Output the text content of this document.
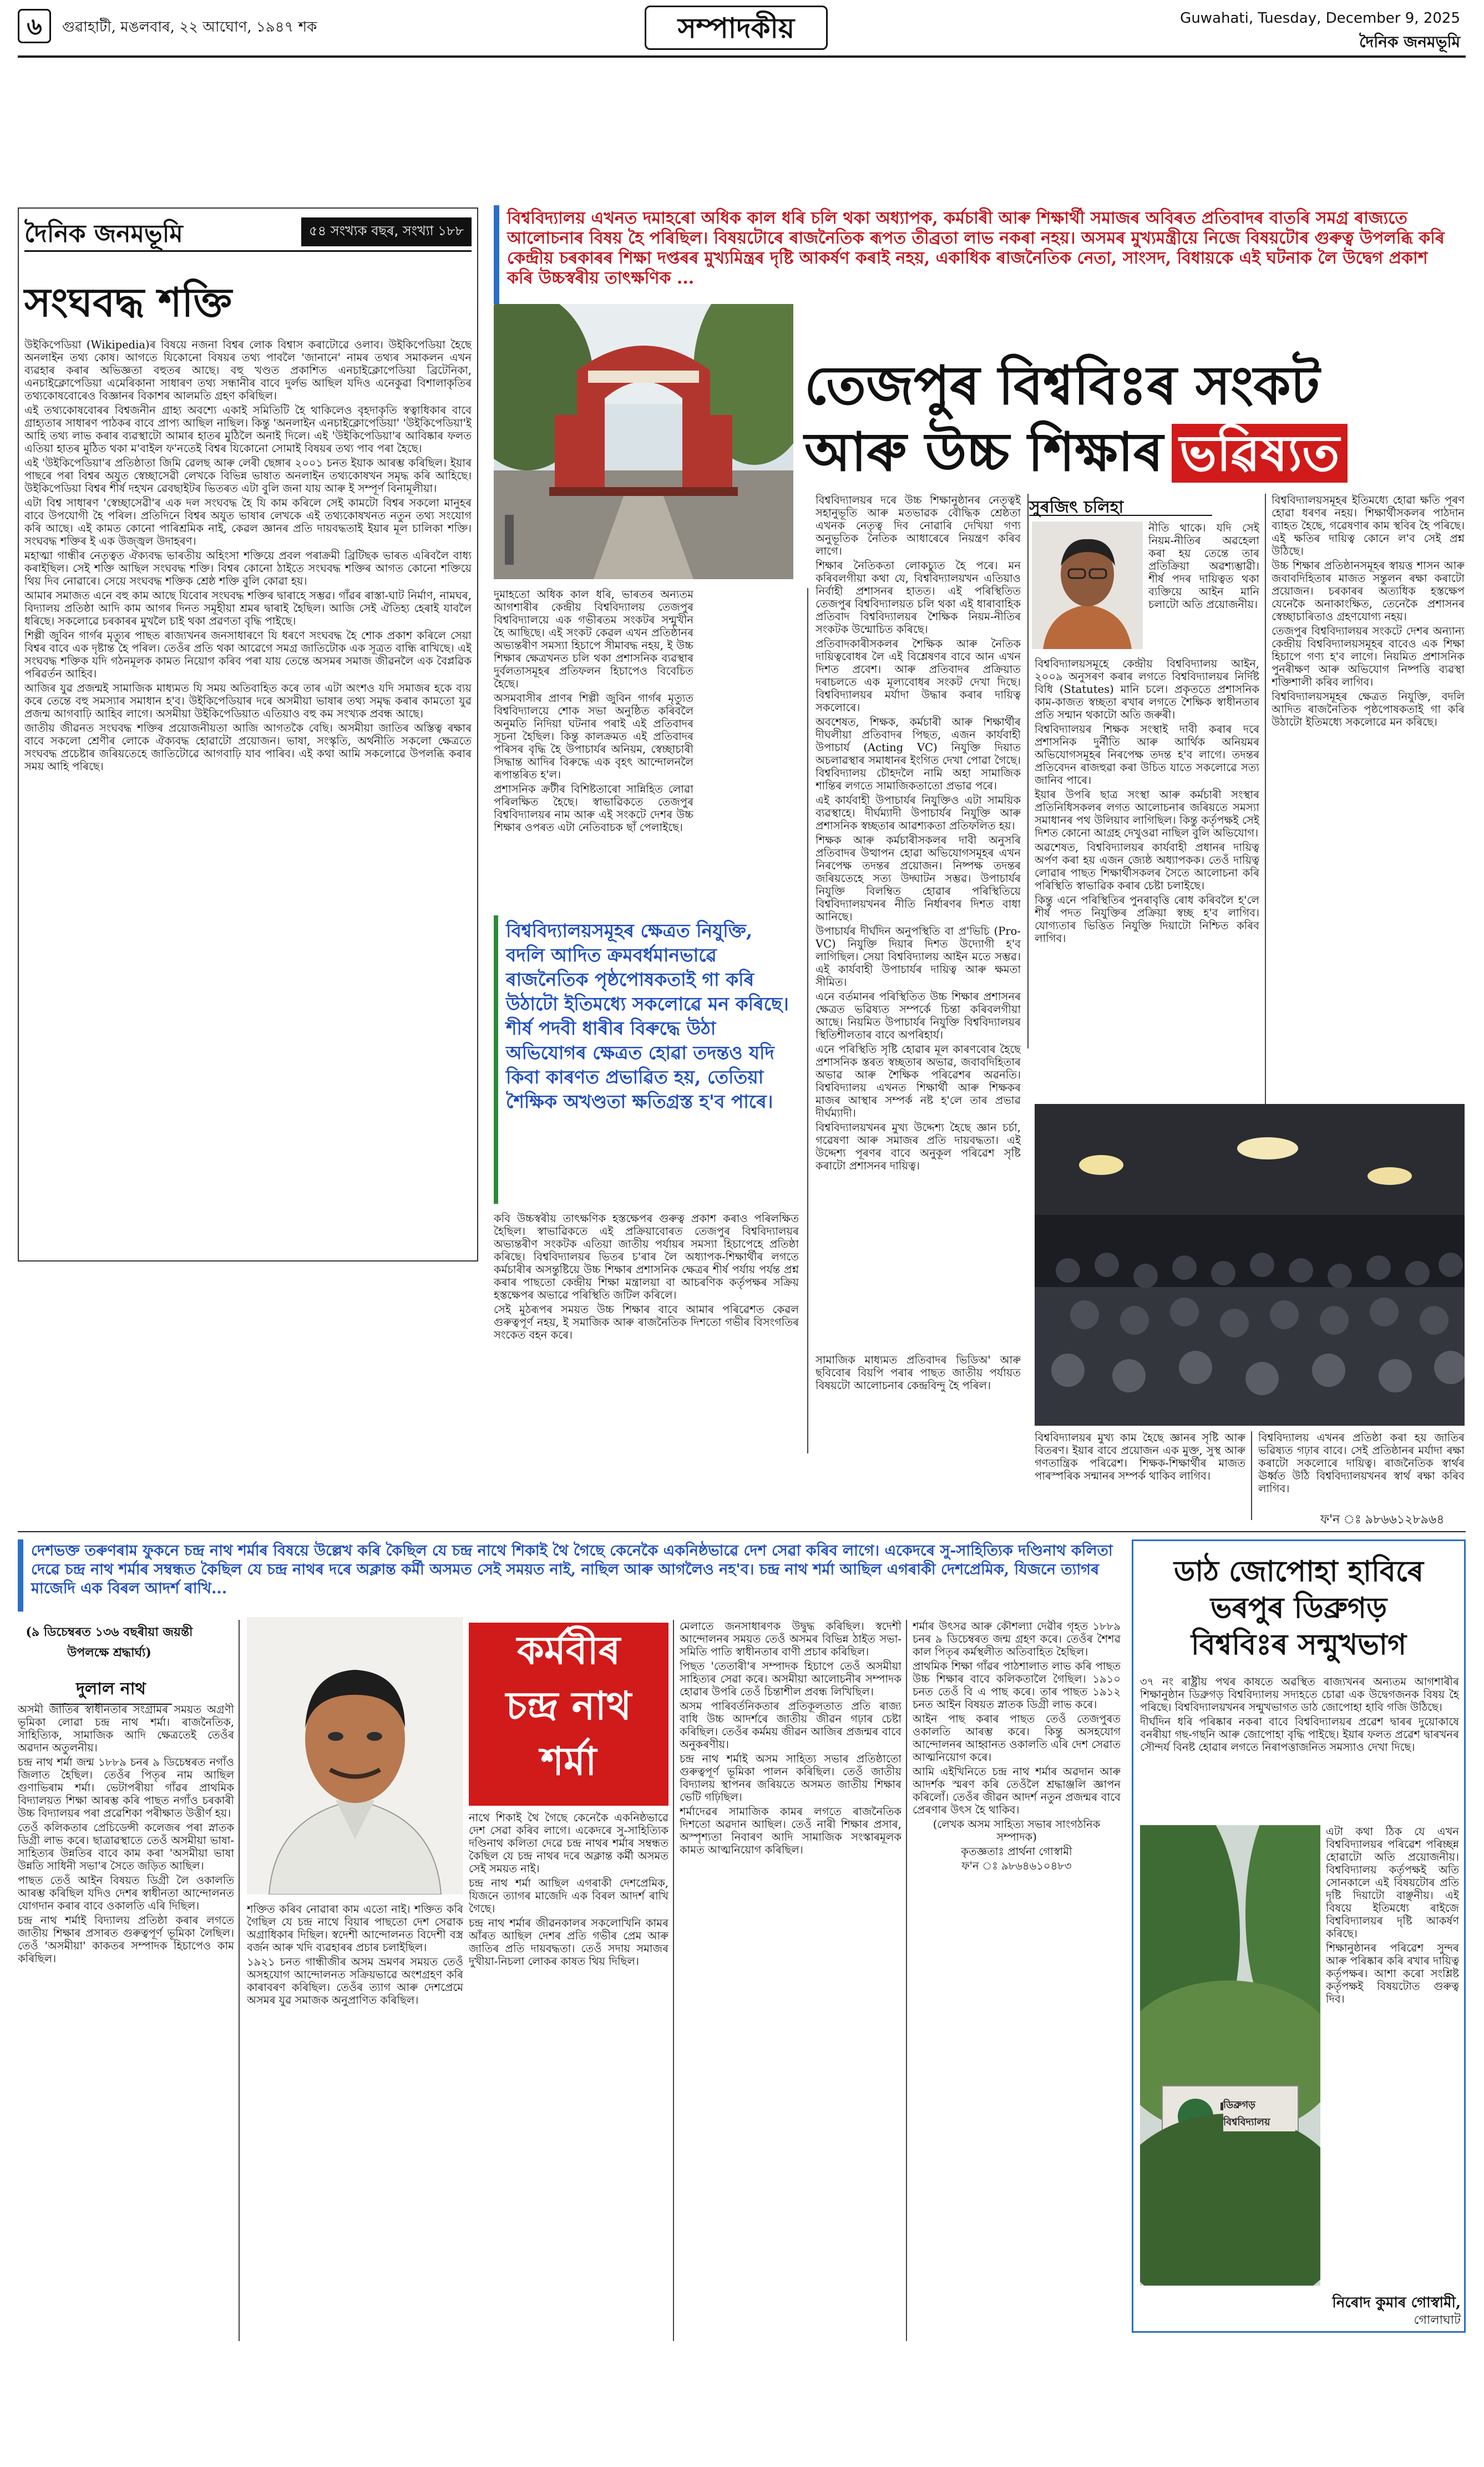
৬	গুৱাহাটী, মঙলবাৰ, ২২ আঘোণ, ১৯৪৭ শক	সম্পাদকীয়	Guwahati, Tuesday, December 9, 2025
দৈনিক জনমভূমি
দৈনিক জনমভূমি	৫৪ সংখ্যক বছৰ, সংখ্যা ১৮৮
সংঘবদ্ধ শক্তি

উইকিপেডিয়া (Wikipedia)ৰ বিষয়ে নজনা বিশ্বৰ লোক বিশ্বাস কৰাটোৱে ওলাব। উইকিপেডিয়া হৈছে অনলাইন তথ্য কোষ। আগতে যিকোনো বিষয়ৰ তথ্য পাবলৈ 'জানানে' নামৰ তথ্যৰ সমাকলন এখন ব্যৱহাৰ কৰাৰ অভিজ্ঞতা বহুতৰ আছে। বহু খণ্ডত প্ৰকাশিত এনচাইক্লোপেডিয়া ব্ৰিটেনিকা, এনচাইক্লোপেডিয়া এমেৰিকানা সাধাৰণ তথ্য সন্ধানীৰ বাবে দুৰ্লভ আছিল যদিও এনেকুৱা বিশালাকৃতিৰ তথ্যকোষবোৰেও বিজ্ঞানৰ বিকাশৰ আলমতি গ্ৰহণ কৰিছিল।

এই তথ্যকোষবোৰৰ বিশ্বজনীন গ্ৰাহ্য অবশ্যে একাই সমিতিটি হৈ থাকিলেও বৃহদাকৃতি স্বত্বাধিকাৰ বাবে গ্ৰাহ্যতাৰ সাধাৰণ পাঠকৰ বাবে প্ৰাপ্য আছিল নাছিল। কিন্তু 'অনলাইন এনচাইক্লোপেডিয়া' 'উইকিপেডিয়া'ই আহি তথ্য লাভ কৰাৰ ব্যৱস্থাটো আমাৰ হাতৰ মুঠিলৈ অনাই দিলে। এই 'উইকিপেডিয়া'ৰ আবিষ্কাৰ ফলত এতিয়া হাতৰ মুঠিত থকা ম'বাইল ফ'নতেই বিশ্বৰ যিকোনো সোমাই বিষয়ৰ তথ্য পাব পৰা হৈছে।

এই 'উইকিপেডিয়া'ৰ প্ৰতিষ্ঠাতা জিমি ৱেলছ আৰু লেৰী ছেঙ্গাৰ ২০০১ চনত ইয়াক আৰম্ভ কৰিছিল। ইয়াৰ পাছৰে পৰা বিশ্বৰ অযুত স্বেচ্ছাসেৱী লেখকে বিভিন্ন ভাষাত অনলাইন তথ্যকোষখন সমৃদ্ধ কৰি আহিছে। উইকিপেডিয়া বিশ্বৰ শীৰ্ষ দহখন ৱেবছাইটৰ ভিতৰত এটা বুলি জনা যায় আৰু ই সম্পূৰ্ণ বিনামূলীয়া।

এটা বিশ্ব সাধাৰণ 'স্বেচ্ছাসেৱী'ৰ এক দল সংঘবদ্ধ হৈ যি কাম কৰিলে সেই কামটো বিশ্বৰ সকলো মানুহৰ বাবে উপযোগী হৈ পৰিল। প্ৰতিদিনে বিশ্বৰ অযুত ভাষাৰ লেখকে এই তথ্যকোষখনত নতুন তথ্য সংযোগ কৰি আছে। এই কামত কোনো পাৰিশ্ৰমিক নাই, কেৱল জ্ঞানৰ প্ৰতি দায়বদ্ধতাই ইয়াৰ মূল চালিকা শক্তি। সংঘবদ্ধ শক্তিৰ ই এক উজ্জ্বল উদাহৰণ।

মহাত্মা গান্ধীৰ নেতৃত্বত ঐক্যবদ্ধ ভাৰতীয় অহিংসা শক্তিয়ে প্ৰবল পৰাক্ৰমী ব্ৰিটিছক ভাৰত এৰিবলৈ বাধ্য কৰাইছিল। সেই শক্তি আছিল সংঘবদ্ধ শক্তি। বিশ্বৰ কোনো ঠাইতে সংঘবদ্ধ শক্তিৰ আগত কোনো শক্তিয়ে থিয় দিব নোৱাৰে। সেয়ে সংঘবদ্ধ শক্তিক শ্ৰেষ্ঠ শক্তি বুলি কোৱা হয়।

আমাৰ সমাজত এনে বহু কাম আছে যিবোৰ সংঘবদ্ধ শক্তিৰ দ্বাৰাহে সম্ভৱ। গাঁৱৰ ৰাস্তা-ঘাট নিৰ্মাণ, নামঘৰ, বিদ্যালয় প্ৰতিষ্ঠা আদি কাম আগৰ দিনত সমূহীয়া শ্ৰমৰ দ্বাৰাই হৈছিল। আজি সেই ঐতিহ্য হেৰাই যাবলৈ ধৰিছে। সকলোৱে চৰকাৰৰ মুখলৈ চাই থকা প্ৰৱণতা বৃদ্ধি পাইছে।

শিল্পী জুবিন গাৰ্গৰ মৃত্যুৰ পাছত ৰাজ্যখনৰ জনসাধাৰণে যি ধৰণে সংঘবদ্ধ হৈ শোক প্ৰকাশ কৰিলে সেয়া বিশ্বৰ বাবে এক দৃষ্টান্ত হৈ পৰিল। তেওঁৰ প্ৰতি থকা আৱেগে সমগ্ৰ জাতিটোক এক সূত্ৰত বান্ধি ৰাখিছে। এই সংঘবদ্ধ শক্তিক যদি গঠনমূলক কামত নিয়োগ কৰিব পৰা যায় তেন্তে অসমৰ সমাজ জীৱনলৈ এক বৈপ্লৱিক পৰিৱৰ্তন আহিব।

আজিৰ যুৱ প্ৰজন্মই সামাজিক মাধ্যমত যি সময় অতিবাহিত কৰে তাৰ এটা অংশও যদি সমাজৰ হকে ব্যয় কৰে তেন্তে বহু সমস্যাৰ সমাধান হ'ব। উইকিপেডিয়াৰ দৰে অসমীয়া ভাষাৰ তথ্য সমৃদ্ধ কৰাৰ কামতো যুৱ প্ৰজন্ম আগবাঢ়ি আহিব লাগে। অসমীয়া উইকিপেডিয়াত এতিয়াও বহু কম সংখ্যক প্ৰবন্ধ আছে।

জাতীয় জীৱনত সংঘবদ্ধ শক্তিৰ প্ৰয়োজনীয়তা আজি আগতকৈ বেছি। অসমীয়া জাতিৰ অস্তিত্ব ৰক্ষাৰ বাবে সকলো শ্ৰেণীৰ লোকে ঐক্যবদ্ধ হোৱাটো প্ৰয়োজন। ভাষা, সংস্কৃতি, অৰ্থনীতি সকলো ক্ষেত্ৰতে সংঘবদ্ধ প্ৰচেষ্টাৰ জৰিয়তেহে জাতিটোৱে আগবাঢ়ি যাব পাৰিব। এই কথা আমি সকলোৱে উপলব্ধি কৰাৰ সময় আহি পৰিছে।

বিশ্ববিদ্যালয় এখনত দমাহৰো অধিক কাল ধৰি চলি থকা অধ্যাপক, কৰ্মচাৰী আৰু শিক্ষাৰ্থী সমাজৰ অবিৰত প্ৰতিবাদৰ বাতৰি সমগ্ৰ ৰাজ্যতে আলোচনাৰ বিষয় হৈ পৰিছিল। বিষয়টোৰে ৰাজনৈতিক ৰূপত তীব্ৰতা লাভ নকৰা নহয়। অসমৰ মুখ্যমন্ত্ৰীয়ে নিজে বিষয়টোৰ গুৰুত্ব উপলব্ধি কৰি কেন্দ্ৰীয় চৰকাৰৰ শিক্ষা দপ্তৰৰ মুখ্যমিন্ত্ৰৰ দৃষ্টি আকৰ্ষণ কৰাই নহয়, একাধিক ৰাজনৈতিক নেতা, সাংসদ, বিধায়কে এই ঘটনাক লৈ উদ্বেগ প্ৰকাশ কৰি উচ্চস্বৰীয় তাৎক্ষণিক ...
তেজপুৰ বিশ্ববিঃৰ সংকট
আৰু উচ্চ শিক্ষাৰ ভৱিষ্যত
সুৰজিৎ চলিহা

দুমাহতো অধিক কাল ধৰি, ভাৰতৰ অন্যতম আগশাৰীৰ কেন্দ্ৰীয় বিশ্ববিদ্যালয় তেজপুৰ বিশ্ববিদ্যালয়ে এক গভীৰতম সংকটৰ সন্মুখীন হৈ আছিছে। এই সংকট কেৱল এখন প্ৰতিষ্ঠানৰ অভ্যন্তৰীণ সমস্যা হিচাপে সীমাবদ্ধ নহয়, ই উচ্চ শিক্ষাৰ ক্ষেত্ৰখনত চলি থকা প্ৰশাসনিক ব্যৱস্থাৰ দুৰ্বলতাসমূহৰ প্ৰতিফলন হিচাপেও বিবেচিত হৈছে।

অসমবাসীৰ প্ৰাণৰ শিল্পী জুবিন গাৰ্গৰ মৃত্যুত বিশ্ববিদ্যালয়ে শোক সভা অনুষ্ঠিত কৰিবলৈ অনুমতি নিদিয়া ঘটনাৰ পৰাই এই প্ৰতিবাদৰ সূচনা হৈছিল। কিন্তু কালক্ৰমত এই প্ৰতিবাদৰ পৰিসৰ বৃদ্ধি হৈ উপাচাৰ্যৰ অনিয়ম, স্বেচ্ছাচাৰী সিদ্ধান্ত আদিৰ বিৰুদ্ধে এক বৃহৎ আন্দোলনলৈ ৰূপান্তৰিত হ'ল।

প্ৰশাসনিক ক্ৰটীৰ বিশিষ্টতাৰো সান্নিহিত লোৱা পৰিলক্ষিত হৈছে। স্বাভাৱিকতে তেজপুৰ বিশ্ববিদ্যালয়ৰ নাম আৰু এই সংকটে দেশৰ উচ্চ শিক্ষাৰ ওপৰত এটা নেতিবাচক ছাঁ পেলাইছে।

বিশ্ববিদ্যালয়সমূহৰ ক্ষেত্ৰত নিযুক্তি, বদলি আদিত ক্ৰমবৰ্ধমানভাৱে ৰাজনৈতিক পৃষ্ঠপোষকতাই গা কৰি উঠাটো ইতিমধ্যে সকলোৱে মন কৰিছে। শীৰ্ষ পদবী ধাৰীৰ বিৰুদ্ধে উঠা অভিযোগৰ ক্ষেত্ৰত হোৱা তদন্তও যদি কিবা কাৰণত প্ৰভাৱিত হয়, তেতিয়া শৈক্ষিক অখণ্ডতা ক্ষতিগ্ৰস্ত হ'ব পাৰে।

কবি উচ্চস্বৰীয় তাৎক্ষণিক হস্তক্ষেপৰ গুৰুত্ব প্ৰকাশ কৰাও পৰিলক্ষিত হৈছিল। স্বাভাৱিকতে এই প্ৰক্ৰিয়াবোৰত তেজপুৰ বিশ্ববিদ্যালয়ৰ অভ্যন্তৰীণ সংকটক এতিয়া জাতীয় পৰ্যায়ৰ সমস্যা হিচাপেহে প্ৰতিষ্ঠা কৰিছে। বিশ্ববিদ্যালয়ৰ ভিতৰ চ'ৰাৰ লৈ অধ্যাপক-শিক্ষাৰ্থীৰ লগতে কৰ্মচাৰীৰ অসন্তুষ্টিয়ে উচ্চ শিক্ষাৰ প্ৰশাসনিক ক্ষেত্ৰৰ শীৰ্ষ পৰ্যায় পৰ্যন্ত প্ৰশ্ন কৰাৰ পাছতো কেন্দ্ৰীয় শিক্ষা মন্ত্ৰালয়া বা আচৰণিক কৰ্তৃপক্ষৰ সক্ৰিয় হস্তক্ষেপৰ অভাৱে পৰিস্থিতি জটিল কৰিলে।

সেই মুঠৰূপৰ সময়ত উচ্চ শিক্ষাৰ বাবে আমাৰ পৰিৱেশত কেৱল গুৰুত্বপূৰ্ণ নহয়, ই সমাজিক আৰু ৰাজনৈতিক দিশতো গভীৰ বিসংগতিৰ সংকেত বহন কৰে।

বিশ্ববিদ্যালয়ৰ দৰে উচ্চ শিক্ষানুষ্ঠানৰ নেতৃত্বই সহানুভূতি আৰু মতভাৱক বৌদ্ধিক শ্ৰেষ্ঠতা এখনক নেতৃত্ব দিব নোৱাৰি দেখিয়া গণ্য অনুভূতিক নৈতিক আধাৰেৰে নিয়ন্ত্ৰণ কৰিব লাগে।

শিক্ষাৰ নৈতিকতা লোকচ্যুত হৈ পৰে। মন কৰিবলগীয়া কথা যে, বিশ্ববিদ্যালয়খন এতিয়াও নিৰ্বাহী প্ৰশাসনৰ হাতত। এই পৰিস্থিতিত তেজপুৰ বিশ্ববিদ্যালয়ত চলি থকা এই ধাৰাবাহিক প্ৰতিবাদ বিশ্ববিদ্যালয়ৰ শৈক্ষিক নিয়ম-নীতিৰ সংকটক উন্মোচিত কৰিছে।

প্ৰতিবাদকাৰীসকলৰ শৈক্ষিক আৰু নৈতিক দায়িত্ববোধৰ লৈ এই বিশ্লেষণৰ বাবে আন এখন দিশত প্ৰবেশ। আৰু প্ৰতিবাদৰ প্ৰক্ৰিয়াত দৰাচলতে এক মূল্যবোধৰ সংকট দেখা দিছে। বিশ্ববিদ্যালয়ৰ মৰ্যাদা উদ্ধাৰ কৰাৰ দায়িত্ব সকলোৰে।

অবশেষত, শিক্ষক, কৰ্মচাৰী আৰু শিক্ষাৰ্থীৰ দীঘলীয়া প্ৰতিবাদৰ পিছত, এজন কাৰ্যবাহী উপাচাৰ্য (Acting VC) নিযুক্তি দিয়াত অচলাৱস্থাৰ সমাধানৰ ইংগিত দেখা পোৱা গৈছে। বিশ্ববিদ্যালয় চৌহদলৈ নামি অহা সামাজিক শান্তিৰ লগতে সামাজিকতাতো প্ৰভাৱ পৰে।

এই কাৰ্যবাহী উপাচাৰ্যৰ নিযুক্তিও এটা সাময়িক ব্যৱস্থাহে। দীৰ্ঘম্যাদী উপাচাৰ্যৰ নিযুক্তি আৰু প্ৰশাসনিক স্বচ্ছতাৰ আৱশ্যকতা প্ৰতিফলিত হয়।

শিক্ষক আৰু কৰ্মচাৰীসকলৰ দাবী অনুসৰি প্ৰতিবাদৰ উত্থাপন হোৱা অভিযোগসমূহৰ এখন নিৰপেক্ষ তদন্তৰ প্ৰয়োজন। নিষ্পক্ষ তদন্তৰ জৰিয়তেহে সত্য উদ্ঘাটন সম্ভৱ। উপাচাৰ্যৰ নিযুক্তি বিলম্বিত হোৱাৰ পৰিস্থিতিয়ে বিশ্ববিদ্যালয়খনৰ নীতি নিৰ্ধাৰণৰ দিশত বাধা আনিছে।

উপাচাৰ্যৰ দীৰ্ঘদিন অনুপস্থিতি বা প্ৰ'ভিচি (Pro-VC) নিযুক্তি দিয়াৰ দিশত উদ্যোগী হ'ব লাগিছিল। সেয়া বিশ্ববিদ্যালয় আইন মতে সম্ভৱ। এই কাৰ্যবাহী উপাচাৰ্যৰ দায়িত্ব আৰু ক্ষমতা সীমিত।

এনে বৰ্তমানৰ পৰিস্থিতিত উচ্চ শিক্ষাৰ প্ৰশাসনৰ ক্ষেত্ৰত ভৱিষ্যত সম্পৰ্কে চিন্তা কৰিবলগীয়া আছে। নিয়মিত উপাচাৰ্যৰ নিযুক্তি বিশ্ববিদ্যালয়ৰ স্থিতিশীলতাৰ বাবে অপৰিহাৰ্য।

এনে পৰিস্থিতি সৃষ্টি হোৱাৰ মূল কাৰণবোৰ হৈছে প্ৰশাসনিক স্তৰত স্বচ্ছতাৰ অভাৱ, জবাবদিহিতাৰ অভাৱ আৰু শৈক্ষিক পৰিৱেশৰ অৱনতি। বিশ্ববিদ্যালয় এখনত শিক্ষাৰ্থী আৰু শিক্ষকৰ মাজৰ আস্থাৰ সম্পৰ্ক নষ্ট হ'লে তাৰ প্ৰভাৱ দীৰ্ঘম্যাদী।

বিশ্ববিদ্যালয়খনৰ মুখ্য উদ্দেশ্য হৈছে জ্ঞান চৰ্চা, গৱেষণা আৰু সমাজৰ প্ৰতি দায়বদ্ধতা। এই উদ্দেশ্য পূৰণৰ বাবে অনুকূল পৰিৱেশ সৃষ্টি কৰাটো প্ৰশাসনৰ দায়িত্ব।

সামাজিক মাধ্যমত প্ৰতিবাদৰ ভিডিঅ' আৰু ছবিবোৰ বিয়পি পৰাৰ পাছত জাতীয় পৰ্যায়ত বিষয়টো আলোচনাৰ কেন্দ্ৰবিন্দু হৈ পৰিল।

নীতি থাকে। যদি সেই নিয়ম-নীতিৰ অৱহেলা কৰা হয় তেন্তে তাৰ প্ৰতিক্ৰিয়া অৱশ্যম্ভাৱী। শীৰ্ষ পদৰ দায়িত্বত থকা ব্যক্তিয়ে আইন মানি চলাটো অতি প্ৰয়োজনীয়।

বিশ্ববিদ্যালয়সমূহে কেন্দ্ৰীয় বিশ্ববিদ্যালয় আইন, ২০০৯ অনুসৰণ কৰাৰ লগতে বিশ্ববিদ্যালয়ৰ নিৰ্দিষ্ট বিধি (Statutes) মানি চলে। প্ৰকৃততে প্ৰশাসনিক কাম-কাজত স্বচ্ছতা ৰখাৰ লগতে শৈক্ষিক স্বাধীনতাৰ প্ৰতি সন্মান থকাটো অতি জৰুৰী।

বিশ্ববিদ্যালয়ৰ শিক্ষক সংস্থাই দাবী কৰাৰ দৰে প্ৰশাসনিক দুৰ্নীতি আৰু আৰ্থিক অনিয়মৰ অভিযোগসমূহৰ নিৰপেক্ষ তদন্ত হ'ব লাগে। তদন্তৰ প্ৰতিবেদন ৰাজহুৱা কৰা উচিত যাতে সকলোৱে সত্য জানিব পাৰে।

ইয়াৰ উপৰি ছাত্ৰ সংস্থা আৰু কৰ্মচাৰী সংস্থাৰ প্ৰতিনিধিসকলৰ লগত আলোচনাৰ জৰিয়তে সমস্যা সমাধানৰ পথ উলিয়াব লাগিছিল। কিন্তু কৰ্তৃপক্ষই সেই দিশত কোনো আগ্ৰহ দেখুওৱা নাছিল বুলি অভিযোগ।

অৱশেষত, বিশ্ববিদ্যালয়ৰ কাৰ্যবাহী প্ৰধানৰ দায়িত্ব অৰ্পণ কৰা হয় এজন জ্যেষ্ঠ অধ্যাপকক। তেওঁ দায়িত্ব লোৱাৰ পাছত শিক্ষাৰ্থীসকলৰ সৈতে আলোচনা কৰি পৰিস্থিতি স্বাভাৱিক কৰাৰ চেষ্টা চলাইছে।

কিন্তু এনে পৰিস্থিতিৰ পুনৰাবৃত্তি ৰোধ কৰিবলৈ হ'লে শীৰ্ষ পদত নিযুক্তিৰ প্ৰক্ৰিয়া স্বচ্ছ হ'ব লাগিব। যোগ্যতাৰ ভিত্তিত নিযুক্তি দিয়াটো নিশ্চিত কৰিব লাগিব।

বিশ্ববিদ্যালয়সমূহৰ ইতিমধ্যে হোৱা ক্ষতি পূৰণ হোৱা ধৰণৰ নহয়। শিক্ষাৰ্থীসকলৰ পাঠদান ব্যাহত হৈছে, গৱেষণাৰ কাম স্থবিৰ হৈ পৰিছে। এই ক্ষতিৰ দায়িত্ব কোনে ল'ব সেই প্ৰশ্ন উঠিছে।

উচ্চ শিক্ষাৰ প্ৰতিষ্ঠানসমূহৰ স্বায়ত্ত শাসন আৰু জবাবদিহিতাৰ মাজত সন্তুলন ৰক্ষা কৰাটো প্ৰয়োজন। চৰকাৰৰ অত্যধিক হস্তক্ষেপ যেনেকৈ অনাকাংক্ষিত, তেনেকৈ প্ৰশাসনৰ স্বেচ্ছাচাৰিতাও গ্ৰহণযোগ্য নহয়।

তেজপুৰ বিশ্ববিদ্যালয়ৰ সংকটে দেশৰ অন্যান্য কেন্দ্ৰীয় বিশ্ববিদ্যালয়সমূহৰ বাবেও এক শিক্ষা হিচাপে গণ্য হ'ব লাগে। নিয়মিত প্ৰশাসনিক পুনৰীক্ষণ আৰু অভিযোগ নিষ্পত্তি ব্যৱস্থা শক্তিশালী কৰিব লাগিব।

বিশ্ববিদ্যালয়সমূহৰ ক্ষেত্ৰত নিযুক্তি, বদলি আদিত ৰাজনৈতিক পৃষ্ঠপোষকতাই গা কৰি উঠাটো ইতিমধ্যে সকলোৱে মন কৰিছে।

বিশ্ববিদ্যালয়ৰ মুখ্য কাম হৈছে জ্ঞানৰ সৃষ্টি আৰু বিতৰণ। ইয়াৰ বাবে প্ৰয়োজন এক মুক্ত, সুস্থ আৰু গণতান্ত্ৰিক পৰিৱেশ। শিক্ষক-শিক্ষাৰ্থীৰ মাজত পাৰস্পৰিক সন্মানৰ সম্পৰ্ক থাকিব লাগিব।

বিশ্ববিদ্যালয় এখনৰ প্ৰতিষ্ঠা কৰা হয় জাতিৰ ভৱিষ্যত গঢ়াৰ বাবে। সেই প্ৰতিষ্ঠানৰ মৰ্যাদা ৰক্ষা কৰাটো সকলোৰে দায়িত্ব। ৰাজনৈতিক স্বাৰ্থৰ ঊৰ্ধ্বত উঠি বিশ্ববিদ্যালয়খনৰ স্বাৰ্থ ৰক্ষা কৰিব লাগিব।

ফ'ন ঃ ৯৮৬৬১২৮৯৬৪
দেশভক্ত তৰুণৰাম ফুকনে চন্দ্ৰ নাথ শৰ্মাৰ বিষয়ে উল্লেখ কৰি কৈছিল যে চন্দ্ৰ নাথে শিকাই থৈ গৈছে কেনেকৈ একনিষ্ঠভাৱে দেশ সেৱা কৰিব লাগে। একেদৰে সু-সাহিত্যিক দণ্ডিনাথ কলিতা দেৱে চন্দ্ৰ নাথ শৰ্মাৰ সম্বন্ধত কৈছিল যে চন্দ্ৰ নাথৰ দৰে অক্লান্ত কৰ্মী অসমত সেই সময়ত নাই, নাছিল আৰু আগলৈও নহ'ব। চন্দ্ৰ নাথ শৰ্মা আছিল এগৰাকী দেশপ্ৰেমিক, যিজনে ত্যাগৰ মাজেদি এক বিৰল আদৰ্শ ৰাখি...
(৯ ডিচেম্বৰত ১৩৬ বছৰীয়া জয়ন্তী উপলক্ষে শ্ৰদ্ধাৰ্ঘ্য)
দুলাল নাথ

অসমী জাতিৰ স্বাধীনতাৰ সংগ্ৰামৰ সময়ত অগ্ৰণী ভূমিকা লোৱা চন্দ্ৰ নাথ শৰ্মা। ৰাজনৈতিক, সাহিত্যিক, সামাজিক আদি ক্ষেত্ৰতেই তেওঁৰ অৱদান অতুলনীয়।

চন্দ্ৰ নাথ শৰ্মা জন্ম ১৮৮৯ চনৰ ৯ ডিচেম্বৰত নগাঁও জিলাত হৈছিল। তেওঁৰ পিতৃৰ নাম আছিল গুণাভিৰাম শৰ্মা। ভেটাপৰীয়া গাঁৱৰ প্ৰাথমিক বিদ্যালয়ত শিক্ষা আৰম্ভ কৰি পাছত নগাঁও চৰকাৰী উচ্চ বিদ্যালয়ৰ পৰা প্ৰৱেশিকা পৰীক্ষাত উত্তীৰ্ণ হয়।

তেওঁ কলিকতাৰ প্ৰেচিডেন্সী কলেজৰ পৰা স্নাতক ডিগ্ৰী লাভ কৰে। ছাত্ৰাৱস্থাতে তেওঁ অসমীয়া ভাষা-সাহিত্যৰ উন্নতিৰ বাবে কাম কৰা 'অসমীয়া ভাষা উন্নতি সাধিনী সভা'ৰ সৈতে জড়িত আছিল।

পাছত তেওঁ আইন বিষয়ত ডিগ্ৰী লৈ ওকালতি আৰম্ভ কৰিছিল যদিও দেশৰ স্বাধীনতা আন্দোলনত যোগদান কৰাৰ বাবে ওকালতি এৰি দিছিল।

চন্দ্ৰ নাথ শৰ্মাই বিদ্যালয় প্ৰতিষ্ঠা কৰাৰ লগতে জাতীয় শিক্ষাৰ প্ৰসাৰত গুৰুত্বপূৰ্ণ ভূমিকা লৈছিল। তেওঁ 'অসমীয়া' কাকতৰ সম্পাদক হিচাপেও কাম কৰিছিল।

কৰ্মবীৰ
চন্দ্ৰ নাথ
শৰ্মা

শক্তিত কৰিব নোৱাৰা কাম এতো নাই। শক্তিত কৰি গৈছিল যে চন্দ্ৰ নাথে বিয়াৰ পাছতো দেশ সেৱাক অগ্ৰাধিকাৰ দিছিল। স্বদেশী আন্দোলনত বিদেশী বস্ত্ৰ বৰ্জন আৰু খদি ব্যৱহাৰৰ প্ৰচাৰ চলাইছিল।

১৯২১ চনত গান্ধীজীৰ অসম ভ্ৰমণৰ সময়ত তেওঁ অসহযোগ আন্দোলনত সক্ৰিয়ভাৱে অংশগ্ৰহণ কৰি কাৰাবৰণ কৰিছিল। তেওঁৰ ত্যাগ আৰু দেশপ্ৰেমে অসমৰ যুৱ সমাজক অনুপ্ৰাণিত কৰিছিল।

নাথে শিকাই থৈ গৈছে কেনেকৈ একনিষ্ঠভাৱে দেশ সেৱা কৰিব লাগে। একেদৰে সু-সাহিত্যিক দণ্ডিনাথ কলিতা দেৱে চন্দ্ৰ নাথৰ শৰ্মাৰ সম্বন্ধত কৈছিল যে চন্দ্ৰ নাথৰ দৰে অক্লান্ত কৰ্মী অসমত সেই সময়ত নাই।

চন্দ্ৰ নাথ শৰ্মা আছিল এগৰাকী দেশপ্ৰেমিক, যিজনে ত্যাগৰ মাজেদি এক বিৰল আদৰ্শ ৰাখি গৈছে।

চন্দ্ৰ নাথ শৰ্মাৰ জীৱনকালৰ সকলোখিনি কামৰ আঁৰত আছিল দেশৰ প্ৰতি গভীৰ প্ৰেম আৰু জাতিৰ প্ৰতি দায়বদ্ধতা। তেওঁ সদায় সমাজৰ দুখীয়া-নিচলা লোকৰ কাষত থিয় দিছিল।

মেলাতে জনসাধাৰণক উদ্বুদ্ধ কৰিছিল। স্বদেশী আন্দোলনৰ সময়ত তেওঁ অসমৰ বিভিন্ন ঠাইত সভা-সমিতি পাতি স্বাধীনতাৰ বাণী প্ৰচাৰ কৰিছিল।

পিছত 'তেতাৰী'ৰ সম্পাদক হিচাপে তেওঁ অসমীয়া সাহিত্যৰ সেৱা কৰে। অসমীয়া আলোচনীৰ সম্পাদক হোৱাৰ উপৰি তেওঁ চিন্তাশীল প্ৰবন্ধ লিখিছিল।

অসম পাৰিবৰ্তনিকতাৰ প্ৰতিকূলতাত প্ৰতি ৰাজ্য বাধি উচ্চ আদৰ্শৰে জাতীয় জীৱন গঢ়াৰ চেষ্টা কৰিছিল। তেওঁৰ কৰ্মময় জীৱন আজিৰ প্ৰজন্মৰ বাবে অনুকৰণীয়।

চন্দ্ৰ নাথ শৰ্মাই অসম সাহিত্য সভাৰ প্ৰতিষ্ঠাতো গুৰুত্বপূৰ্ণ ভূমিকা পালন কৰিছিল। তেওঁ জাতীয় বিদ্যালয় স্থাপনৰ জৰিয়তে অসমত জাতীয় শিক্ষাৰ ভেটি গঢ়িছিল।

শৰ্মাদেৱৰ সামাজিক কামৰ লগতে ৰাজনৈতিক দিশতো অৱদান আছিল। তেওঁ নাৰী শিক্ষাৰ প্ৰসাৰ, অস্পৃশ্যতা নিবাৰণ আদি সামাজিক সংস্কাৰমূলক কামত আত্মনিয়োগ কৰিছিল।

শৰ্মাৰ উৎসৱ আৰু কৌশল্যা দেৱীৰ গৃহত ১৮৮৯ চনৰ ৯ ডিচেম্বৰত জন্ম গ্ৰহণ কৰে। তেওঁৰ শৈশৱ কাল পিতৃৰ কৰ্মস্থলীত অতিবাহিত হৈছিল।

প্ৰাথমিক শিক্ষা গাঁৱৰ পাঠশালাত লাভ কৰি পাছত উচ্চ শিক্ষাৰ বাবে কলিকতালৈ গৈছিল। ১৯১০ চনত তেওঁ বি এ পাছ কৰে। তাৰ পাছত ১৯১২ চনত আইন বিষয়ত স্নাতক ডিগ্ৰী লাভ কৰে।

আইন পাছ কৰাৰ পাছত তেওঁ তেজপুৰত ওকালতি আৰম্ভ কৰে। কিন্তু অসহযোগ আন্দোলনৰ আহ্বানত ওকালতি এৰি দেশ সেৱাত আত্মনিয়োগ কৰে।

আমি এইখিনিতে চন্দ্ৰ নাথ শৰ্মাৰ অৱদান আৰু আদৰ্শক স্মৰণ কৰি তেওঁলৈ শ্ৰদ্ধাঞ্জলি জ্ঞাপন কৰিলোঁ। তেওঁৰ জীৱন আদৰ্শ নতুন প্ৰজন্মৰ বাবে প্ৰেৰণাৰ উৎস হৈ থাকিব।

(লেখক অসম সাহিত্য সভাৰ সাংগঠনিক সম্পাদক)

কৃতজ্ঞতাঃ প্ৰাৰ্থনা গোস্বামী

ফ'ন ঃ ৯৮৬৪৬১০৪৮৩

ডাঠ জোপোহা হাবিৰে
ভৰপুৰ ডিব্ৰুগড়
বিশ্ববিঃৰ সন্মুখভাগ

৩৭ নং ৰাষ্ট্ৰীয় পথৰ কাষতে অৱস্থিত ৰাজ্যখনৰ অন্যতম আগশাৰীৰ শিক্ষানুষ্ঠান ডিব্ৰুগড় বিশ্ববিদ্যালয় সদ্যহতে চোৱা এক উদ্বেগজনক বিষয় হৈ পৰিছে। বিশ্ববিদ্যালয়খনৰ সন্মুখভাগত ডাঠ জোপোহা হাবি গজি উঠিছে।

দীৰ্ঘদিন ধৰি পৰিষ্কাৰ নকৰা বাবে বিশ্ববিদ্যালয়ৰ প্ৰৱেশ দ্বাৰৰ দুয়োকাষে বনৰীয়া গছ-গছনি আৰু জোপোহা বৃদ্ধি পাইছে। ইয়াৰ ফলত প্ৰৱেশ দ্বাৰখনৰ সৌন্দৰ্য বিনষ্ট হোৱাৰ লগতে নিৰাপত্তাজনিত সমস্যাও দেখা দিছে।

ডিব্ৰুগড় বিশ্ববিদ্যালয়

এটা কথা ঠিক যে এখন বিশ্ববিদ্যালয়ৰ পৰিৱেশ পৰিচ্ছন্ন হোৱাটো অতি প্ৰয়োজনীয়। বিশ্ববিদ্যালয় কৰ্তৃপক্ষই অতি সোনকালে এই বিষয়টোৰ প্ৰতি দৃষ্টি দিয়াটো বাঞ্ছনীয়। এই বিষয়ে ইতিমধ্যে ৰাইজে বিশ্ববিদ্যালয়ৰ দৃষ্টি আকৰ্ষণ কৰিছে।

শিক্ষানুষ্ঠানৰ পৰিৱেশ সুন্দৰ আৰু পৰিষ্কাৰ কৰি ৰখাৰ দায়িত্ব কৰ্তৃপক্ষৰ। আশা কৰো সংশ্লিষ্ট কৰ্তৃপক্ষই বিষয়টোত গুৰুত্ব দিব।

নিৰোদ কুমাৰ গোস্বামী,
গোলাঘাট
